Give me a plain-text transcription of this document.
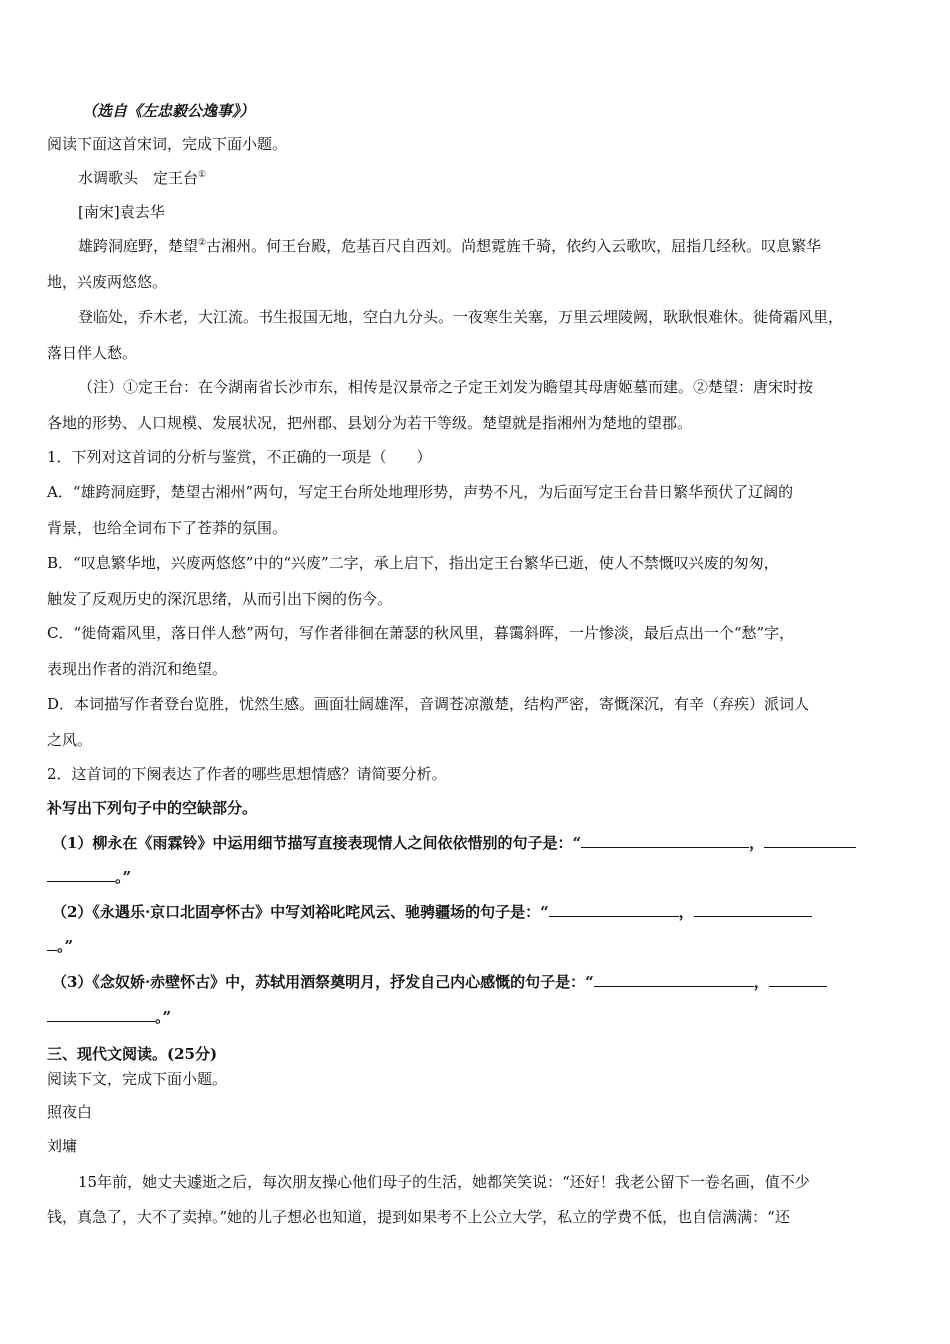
（选自《左忠毅公逸事》）
阅读下面这首宋词，完成下面小题。
水调歌头　定王台①
[南宋]袁去华
雄跨洞庭野，楚望②古湘州。何王台殿，危基百尺自西刘。尚想霓旌千骑，依约入云歌吹，屈指几经秋。叹息繁华
地，兴废两悠悠。
登临处，乔木老，大江流。书生报国无地，空白九分头。一夜寒生关塞，万里云埋陵阙，耿耿恨难休。徙倚霜风里，
落日伴人愁。
（注）①定王台：在今湖南省长沙市东，相传是汉景帝之子定王刘发为瞻望其母唐姬墓而建。②楚望：唐宋时按
各地的形势、人口规模、发展状况，把州郡、县划分为若干等级。楚望就是指湘州为楚地的望郡。
1．下列对这首词的分析与鉴赏，不正确的一项是（　　）
A．“雄跨洞庭野，楚望古湘州”两句，写定王台所处地理形势，声势不凡，为后面写定王台昔日繁华预伏了辽阔的
背景，也给全词布下了苍莽的氛围。
B．“叹息繁华地，兴废两悠悠”中的“兴废”二字，承上启下，指出定王台繁华已逝，使人不禁慨叹兴废的匆匆，
触发了反观历史的深沉思绪，从而引出下阕的伤今。
C．“徙倚霜风里，落日伴人愁”两句，写作者徘徊在萧瑟的秋风里，暮霭斜晖，一片惨淡，最后点出一个“愁”字，
表现出作者的消沉和绝望。
D．本词描写作者登台览胜，忧然生感。画面壮阔雄浑，音调苍凉激楚，结构严密，寄慨深沉，有辛（弃疾）派词人
之风。
2．这首词的下阕表达了作者的哪些思想情感？请简要分析。
补写出下列句子中的空缺部分。
（1）柳永在《雨霖铃》中运用细节描写直接表现情人之间依依惜别的句子是：“	，
。”
（2）《永遇乐·京口北固亭怀古》中写刘裕叱咤风云、驰骋疆场的句子是：“	，
。”
（3）《念奴娇·赤壁怀古》中，苏轼用酒祭奠明月，抒发自己内心感慨的句子是：“	，
。”
三、现代文阅读。(25分)
阅读下文，完成下面小题。
照夜白
刘墉
15年前，她丈夫遽逝之后，每次朋友操心他们母子的生活，她都笑笑说：“还好！我老公留下一卷名画，值不少
钱，真急了，大不了卖掉。”她的儿子想必也知道，提到如果考不上公立大学，私立的学费不低，也自信满满：“还
